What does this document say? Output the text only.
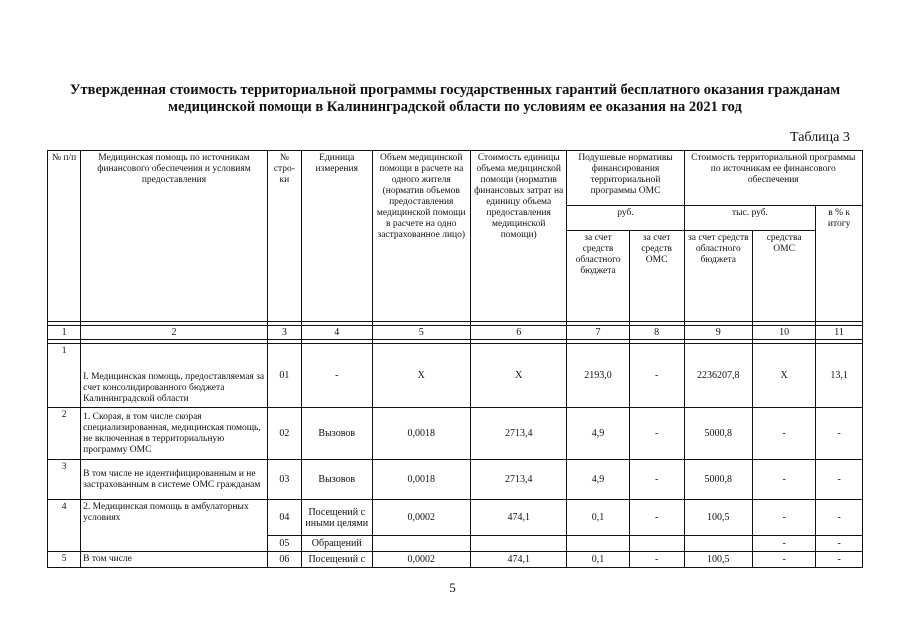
Утвержденная стоимость территориальной программы государственных гарантий бесплатного оказания гражданам медицинской помощи в Калининградской области по условиям ее оказания на 2021 год
Таблица 3
№ п/п	Медицинская помощь по источникам финансового обеспечения и условиям предоставления	№ стро-ки	Единица измерения	Объем медицинской помощи в расчете на одного жителя (норматив объемов предоставления медицинской помощи в расчете на одно застрахованное лицо)	Стоимость единицы объема медицинской помощи (норматив финансовых затрат на единицу объема предоставления медицинской помощи)	Подушевые нормативы финансирования территориальной программы ОМС		Стоимость территориальной программы по источникам ее финансового обеспечения		
						руб.		тыс. руб.		в % к итогу
						за счет средств областного бюджета	за счет средств ОМС	за счет средств областного бюджета	средства ОМС	

1	2	3	4	5	6	7	8	9	10	11

1	I. Медицинская помощь, предоставляемая за счет консолидированного бюджета Калининградской области	01	-	X	X	2193,0	-	2236207,8	X	13,1
2	1. Скорая, в том числе скорая специализированная, медицинская помощь, не включенная в территориальную программу ОМС	02	Вызовов	0,0018	2713,4	4,9	-	5000,8	-	-
3	В том числе не идентифицированным и не застрахованным в системе ОМС гражданам	03	Вызовов	0,0018	2713,4	4,9	-	5000,8	-	-
4	2. Медицинская помощь в амбулаторных условиях	04	Посещений с иными целями	0,0002	474,1	0,1	-	100,5	-	-
		05	Обращений						-	-
5	В том числе	06	Посещений с	0,0002	474,1	0,1	-	100,5	-	-
5
